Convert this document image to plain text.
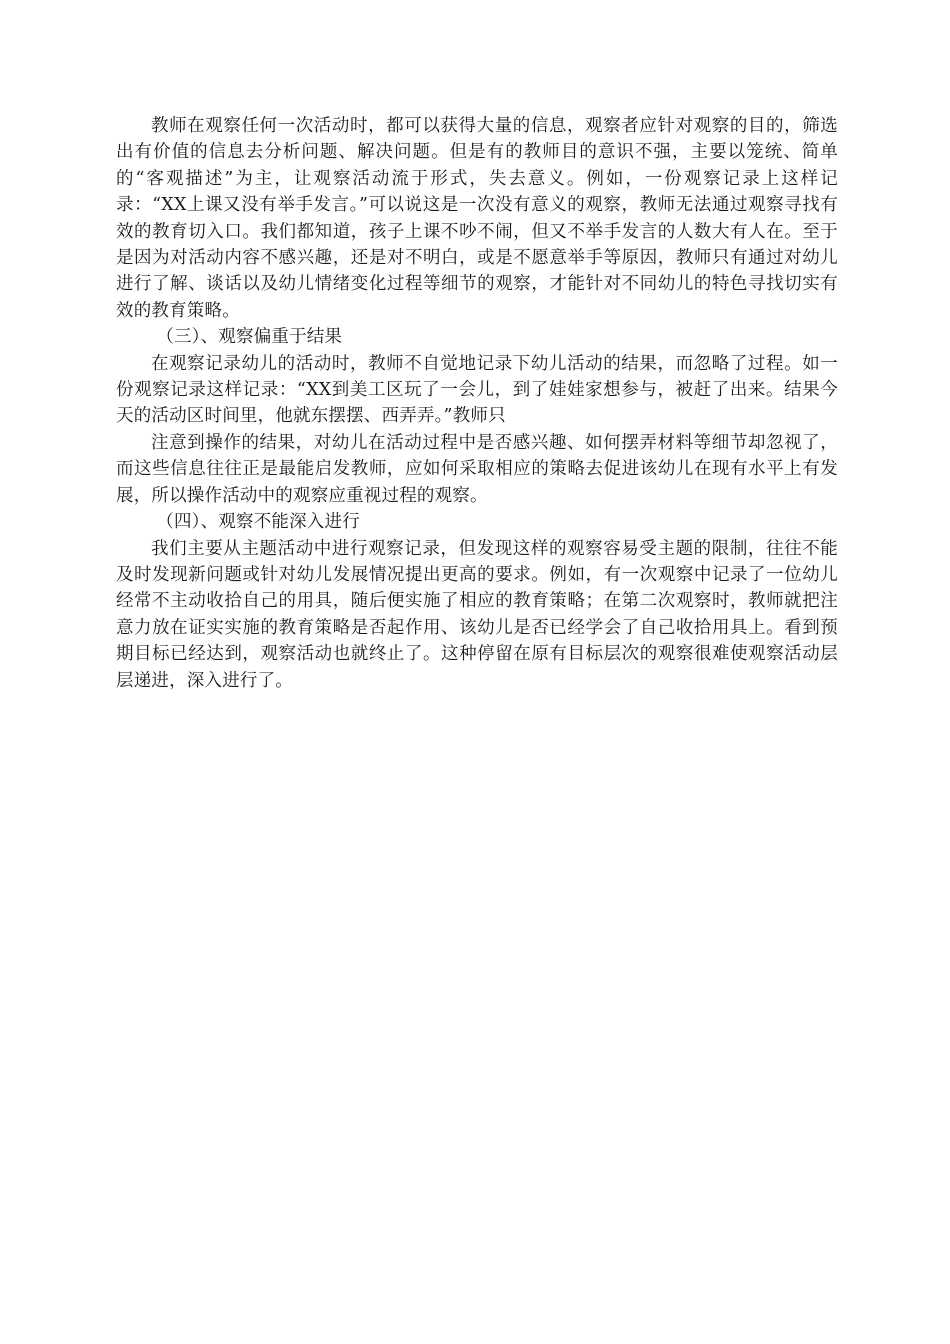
教师在观察任何一次活动时，都可以获得大量的信息，观察者应针对观察的目的，筛选出有价值的信息去分析问题、解决问题。但是有的教师目的意识不强，主要以笼统、简单的“客观描述”为主，让观察活动流于形式，失去意义。例如，一份观察记录上这样记录：“XX上课又没有举手发言。”可以说这是一次没有意义的观察，教师无法通过观察寻找有效的教育切入口。我们都知道，孩子上课不吵不闹，但又不举手发言的人数大有人在。至于是因为对活动内容不感兴趣，还是对不明白，或是不愿意举手等原因，教师只有通过对幼儿进行了解、谈话以及幼儿情绪变化过程等细节的观察，才能针对不同幼儿的特色寻找切实有效的教育策略。

（三）、观察偏重于结果

在观察记录幼儿的活动时，教师不自觉地记录下幼儿活动的结果，而忽略了过程。如一份观察记录这样记录：“XX到美工区玩了一会儿，到了娃娃家想参与，被赶了出来。结果今天的活动区时间里，他就东摆摆、西弄弄。”教师只

注意到操作的结果，对幼儿在活动过程中是否感兴趣、如何摆弄材料等细节却忽视了，而这些信息往往正是最能启发教师，应如何采取相应的策略去促进该幼儿在现有水平上有发展，所以操作活动中的观察应重视过程的观察。

（四）、观察不能深入进行

我们主要从主题活动中进行观察记录，但发现这样的观察容易受主题的限制，往往不能及时发现新问题或针对幼儿发展情况提出更高的要求。例如，有一次观察中记录了一位幼儿经常不主动收拾自己的用具，随后便实施了相应的教育策略；在第二次观察时，教师就把注意力放在证实实施的教育策略是否起作用、该幼儿是否已经学会了自己收拾用具上。看到预期目标已经达到，观察活动也就终止了。这种停留在原有目标层次的观察很难使观察活动层层递进，深入进行了。
